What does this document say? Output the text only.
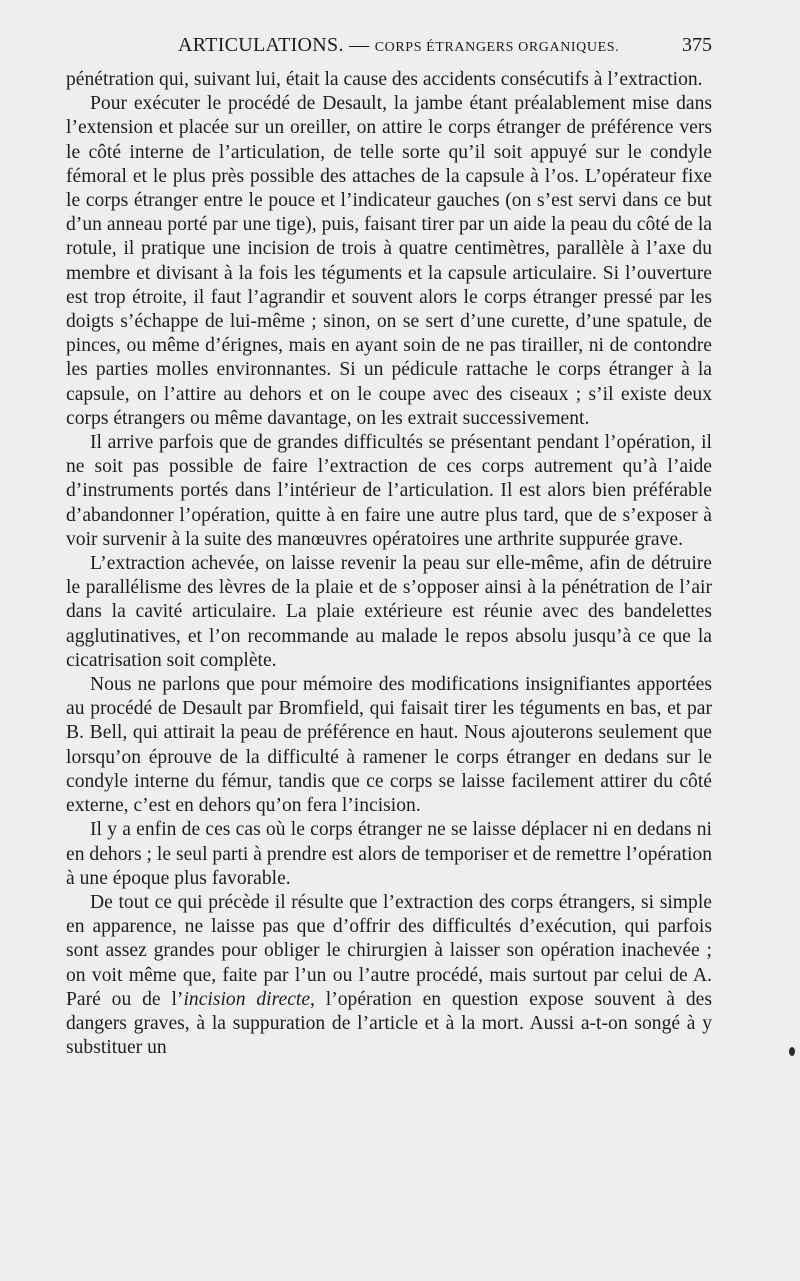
ARTICULATIONS. — CORPS ÉTRANGERS ORGANIQUES.	375

pénétration qui, suivant lui, était la cause des accidents consécutifs à l’extraction.

Pour exécuter le procédé de Desault, la jambe étant préalablement mise dans l’extension et placée sur un oreiller, on attire le corps étranger de préférence vers le côté interne de l’articulation, de telle sorte qu’il soit appuyé sur le condyle fémoral et le plus près possible des attaches de la capsule à l’os. L’opérateur fixe le corps étranger entre le pouce et l’indicateur gauches (on s’est servi dans ce but d’un anneau porté par une tige), puis, faisant tirer par un aide la peau du côté de la rotule, il pratique une incision de trois à quatre centimètres, parallèle à l’axe du membre et divisant à la fois les téguments et la capsule articulaire. Si l’ouverture est trop étroite, il faut l’agrandir et souvent alors le corps étranger pressé par les doigts s’échappe de lui-même ; sinon, on se sert d’une curette, d’une spatule, de pinces, ou même d’érignes, mais en ayant soin de ne pas tirailler, ni de contondre les parties molles environnantes. Si un pédicule rattache le corps étranger à la capsule, on l’attire au dehors et on le coupe avec des ciseaux ; s’il existe deux corps étrangers ou même davantage, on les extrait successivement.

Il arrive parfois que de grandes difficultés se présentant pendant l’opération, il ne soit pas possible de faire l’extraction de ces corps autrement qu’à l’aide d’instruments portés dans l’intérieur de l’articulation. Il est alors bien préférable d’abandonner l’opération, quitte à en faire une autre plus tard, que de s’exposer à voir survenir à la suite des manœuvres opératoires une arthrite suppurée grave.

L’extraction achevée, on laisse revenir la peau sur elle-même, afin de détruire le parallélisme des lèvres de la plaie et de s’opposer ainsi à la pénétration de l’air dans la cavité articulaire. La plaie extérieure est réunie avec des bandelettes agglutinatives, et l’on recommande au malade le repos absolu jusqu’à ce que la cicatrisation soit complète.

Nous ne parlons que pour mémoire des modifications insignifiantes apportées au procédé de Desault par Bromfield, qui faisait tirer les téguments en bas, et par B. Bell, qui attirait la peau de préférence en haut. Nous ajouterons seulement que lorsqu’on éprouve de la difficulté à ramener le corps étranger en dedans sur le condyle interne du fémur, tandis que ce corps se laisse facilement attirer du côté externe, c’est en dehors qu’on fera l’incision.

Il y a enfin de ces cas où le corps étranger ne se laisse déplacer ni en dedans ni en dehors ; le seul parti à prendre est alors de temporiser et de remettre l’opération à une époque plus favorable.

De tout ce qui précède il résulte que l’extraction des corps étrangers, si simple en apparence, ne laisse pas que d’offrir des difficultés d’exécution, qui parfois sont assez grandes pour obliger le chirurgien à laisser son opération inachevée ; on voit même que, faite par l’un ou l’autre procédé, mais surtout par celui de A. Paré ou de l’incision directe, l’opération en question expose souvent à des dangers graves, à la suppuration de l’article et à la mort. Aussi a-t-on songé à y substituer un
